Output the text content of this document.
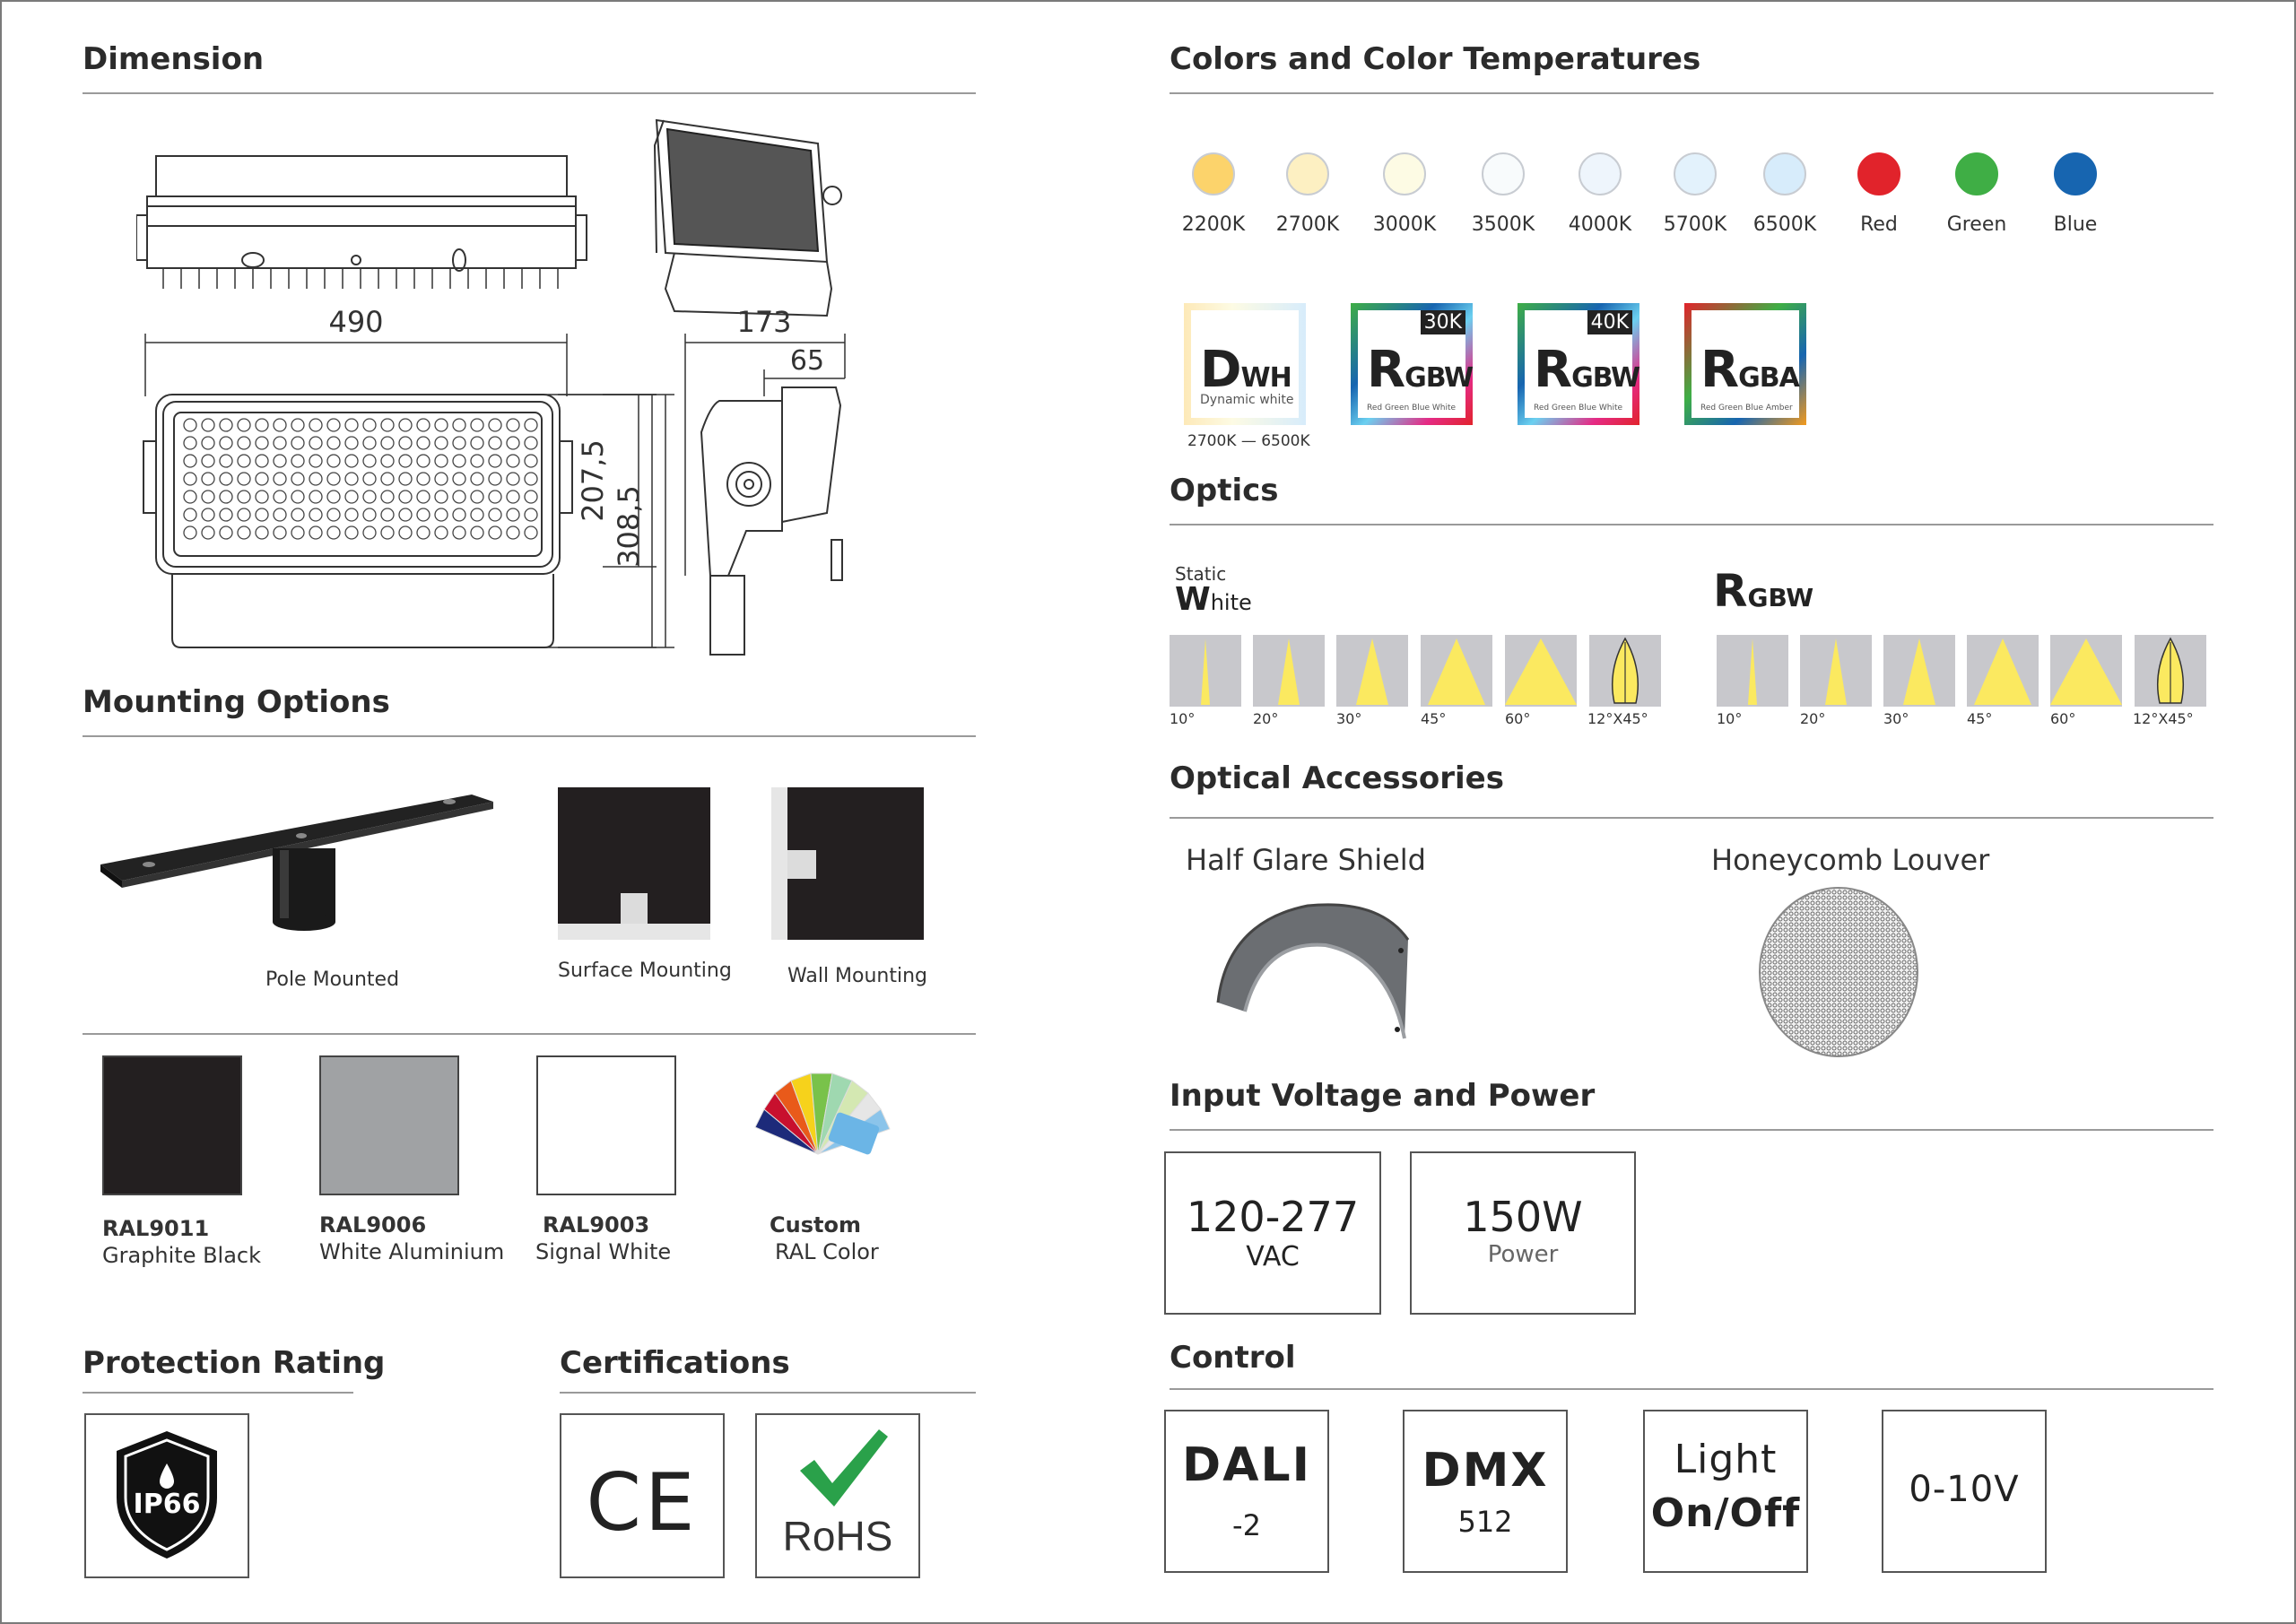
Dimension
490	173
65
207,5
308,5
Mounting Options
Pole Mounted	Surface Mounting	Wall Mounting
RAL9011
Graphite Black
RAL9006
White Aluminium
RAL9003
Signal White
Custom
RAL Color
Protection Rating
IP66
Certifications
CE	RoHS
Colors and Color Temperatures
2200K	2700K	3000K	3500K	4000K	5700K	6500K	Red	Green	Blue
DWH
Dynamic white
2700K — 6500K
30K
RGBW
Red Green Blue White
40K
RGBW
Red Green Blue White
RGBA
Red Green Blue Amber
Optics
Static
White	RGBW
10°	20°	30°	45°	60°	12°X45°	10°	20°	30°	45°	60°	12°X45°
Optical Accessories
Half Glare Shield	Honeycomb Louver
Input Voltage and Power
120-277
VAC
150W
Power
Control
DALI
-2
DMX
512
Light
On/Off
0-10V
